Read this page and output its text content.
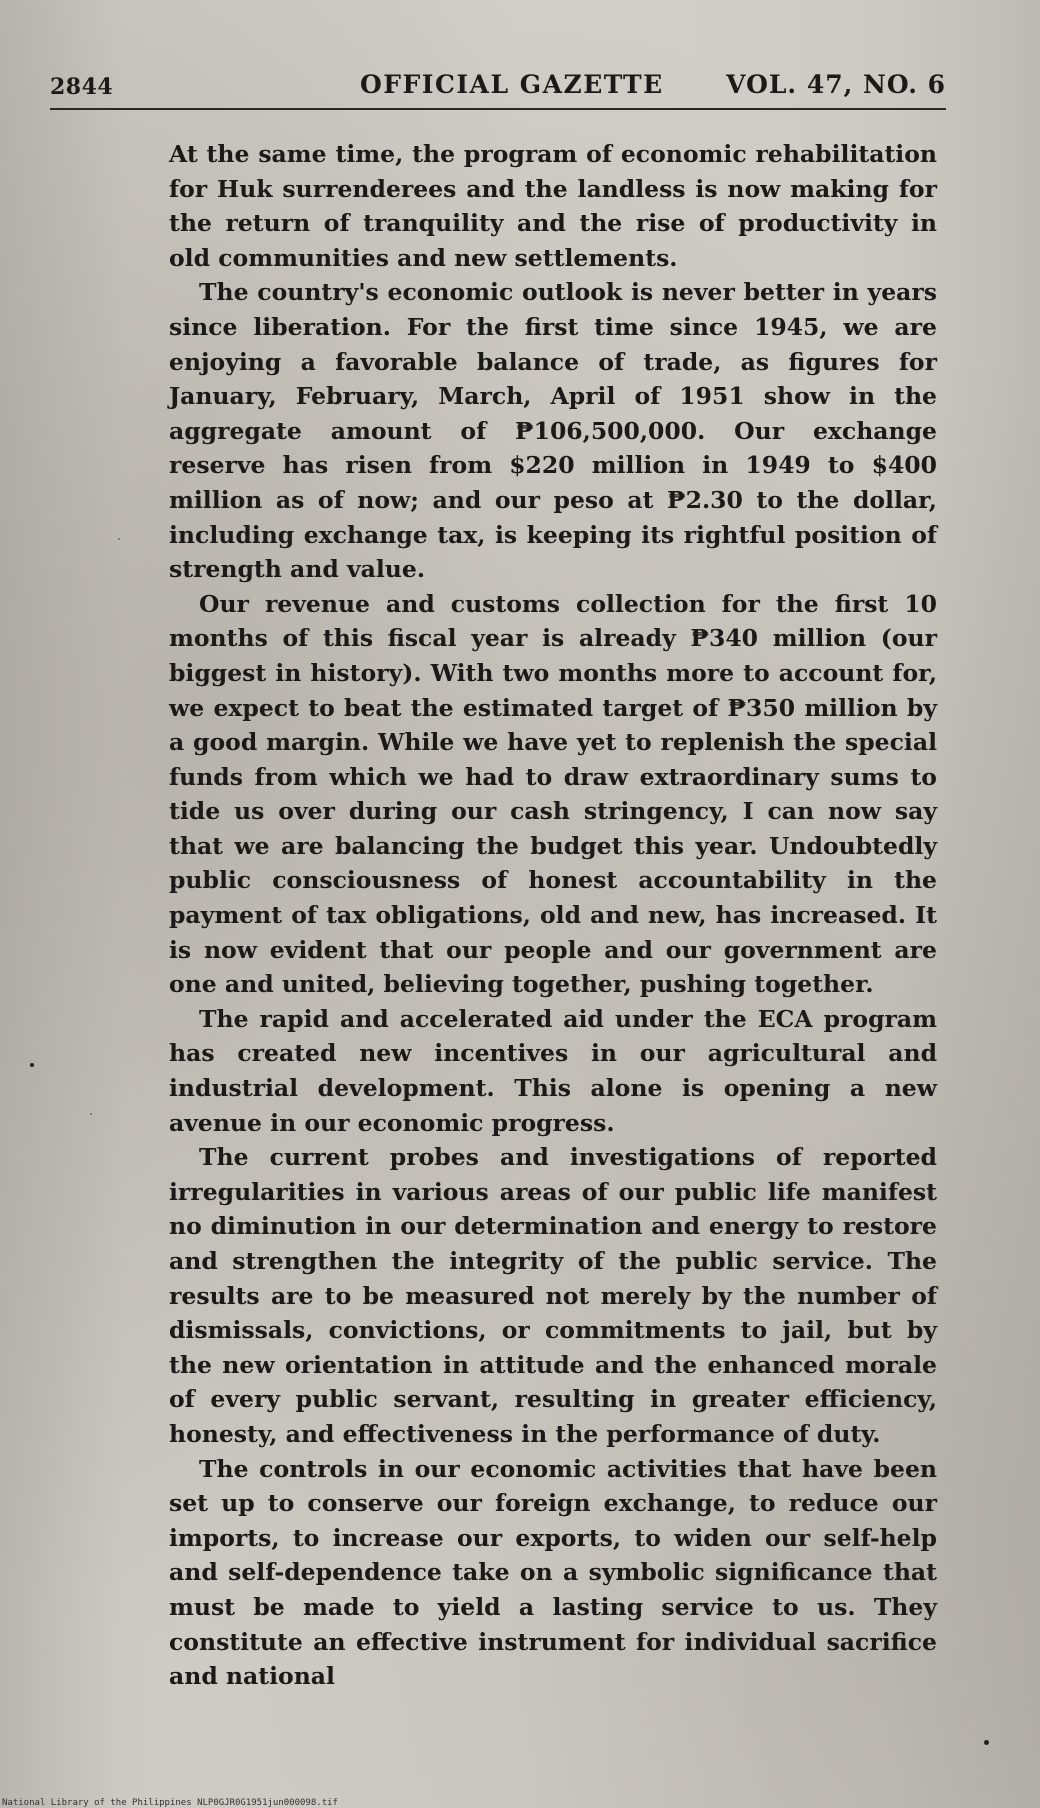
2844	OFFICIAL GAZETTE VOL. 47, NO. 6

At the same time, the program of economic rehabilitation for Huk surrenderees and the landless is now making for the return of tranquility and the rise of productivity in old communities and new settlements.

The country's economic outlook is never better in years since liberation. For the first time since 1945, we are enjoying a favorable balance of trade, as figures for January, February, March, April of 1951 show in the aggregate amount of ₱106,500,000. Our exchange reserve has risen from $220 million in 1949 to $400 million as of now; and our peso at ₱2.30 to the dollar, including exchange tax, is keeping its rightful position of strength and value.

Our revenue and customs collection for the first 10 months of this fiscal year is already ₱340 million (our biggest in history). With two months more to account for, we expect to beat the estimated target of ₱350 million by a good margin. While we have yet to replenish the special funds from which we had to draw extraordinary sums to tide us over during our cash stringency, I can now say that we are balancing the budget this year. Undoubtedly public consciousness of honest accountability in the payment of tax obligations, old and new, has increased. It is now evident that our people and our government are one and united, believing together, pushing together.

The rapid and accelerated aid under the ECA program has created new incentives in our agricultural and industrial development. This alone is opening a new avenue in our economic progress.

The current probes and investigations of reported irregularities in various areas of our public life manifest no diminution in our determination and energy to restore and strengthen the integrity of the public service. The results are to be measured not merely by the number of dismissals, convictions, or commitments to jail, but by the new orientation in attitude and the enhanced morale of every public servant, resulting in greater efficiency, honesty, and effectiveness in the performance of duty.

The controls in our economic activities that have been set up to conserve our foreign exchange, to reduce our imports, to increase our exports, to widen our self-help and self-dependence take on a symbolic significance that must be made to yield a lasting service to us. They constitute an effective instrument for individual sacrifice and national

National Library of the Philippines NLP0GJR0G1951jun000098.tif
